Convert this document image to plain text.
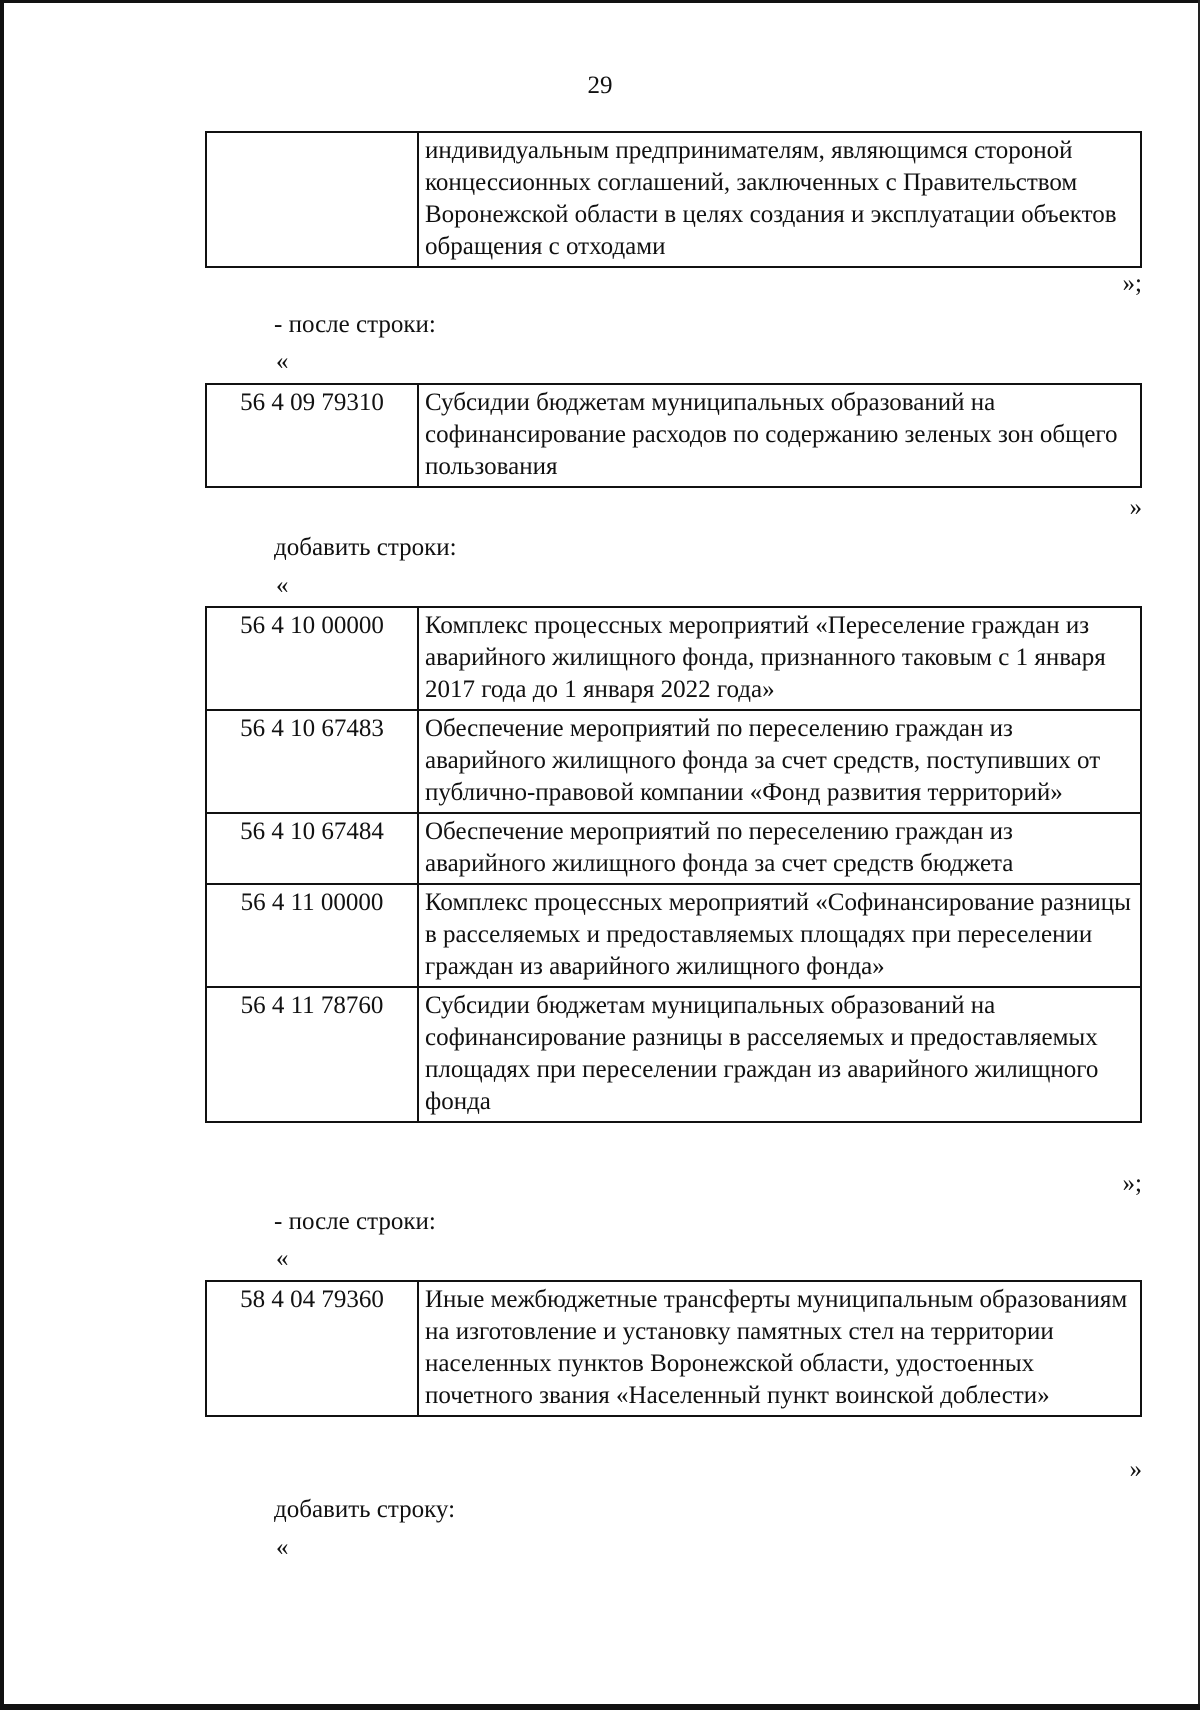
29
	индивидуальным предпринимателям, являющимся стороной концессионных соглашений, заключенных с Правительством Воронежской области в целях создания и эксплуатации объектов обращения с отходами
»;
- после строки:
«
56 4 09 79310	Субсидии бюджетам муниципальных образований на софинансирование расходов по содержанию зеленых зон общего пользования
»
добавить строки:
«
56 4 10 00000	Комплекс процессных мероприятий «Переселение граждан из аварийного жилищного фонда, признанного таковым с 1 января 2017 года до 1 января 2022 года»
56 4 10 67483	Обеспечение мероприятий по переселению граждан из аварийного жилищного фонда за счет средств, поступивших от публично-правовой компании «Фонд развития территорий»
56 4 10 67484	Обеспечение мероприятий по переселению граждан из аварийного жилищного фонда за счет средств бюджета
56 4 11 00000	Комплекс процессных мероприятий «Софинансирование разницы в расселяемых и предоставляемых площадях при переселении граждан из аварийного жилищного фонда»
56 4 11 78760	Субсидии бюджетам муниципальных образований на софинансирование разницы в расселяемых и предоставляемых площадях при переселении граждан из аварийного жилищного фонда
»;
- после строки:
«
58 4 04 79360	Иные межбюджетные трансферты муниципальным образованиям на изготовление и установку памятных стел на территории населенных пунктов Воронежской области, удостоенных почетного звания «Населенный пункт воинской доблести»
»
добавить строку:
«
